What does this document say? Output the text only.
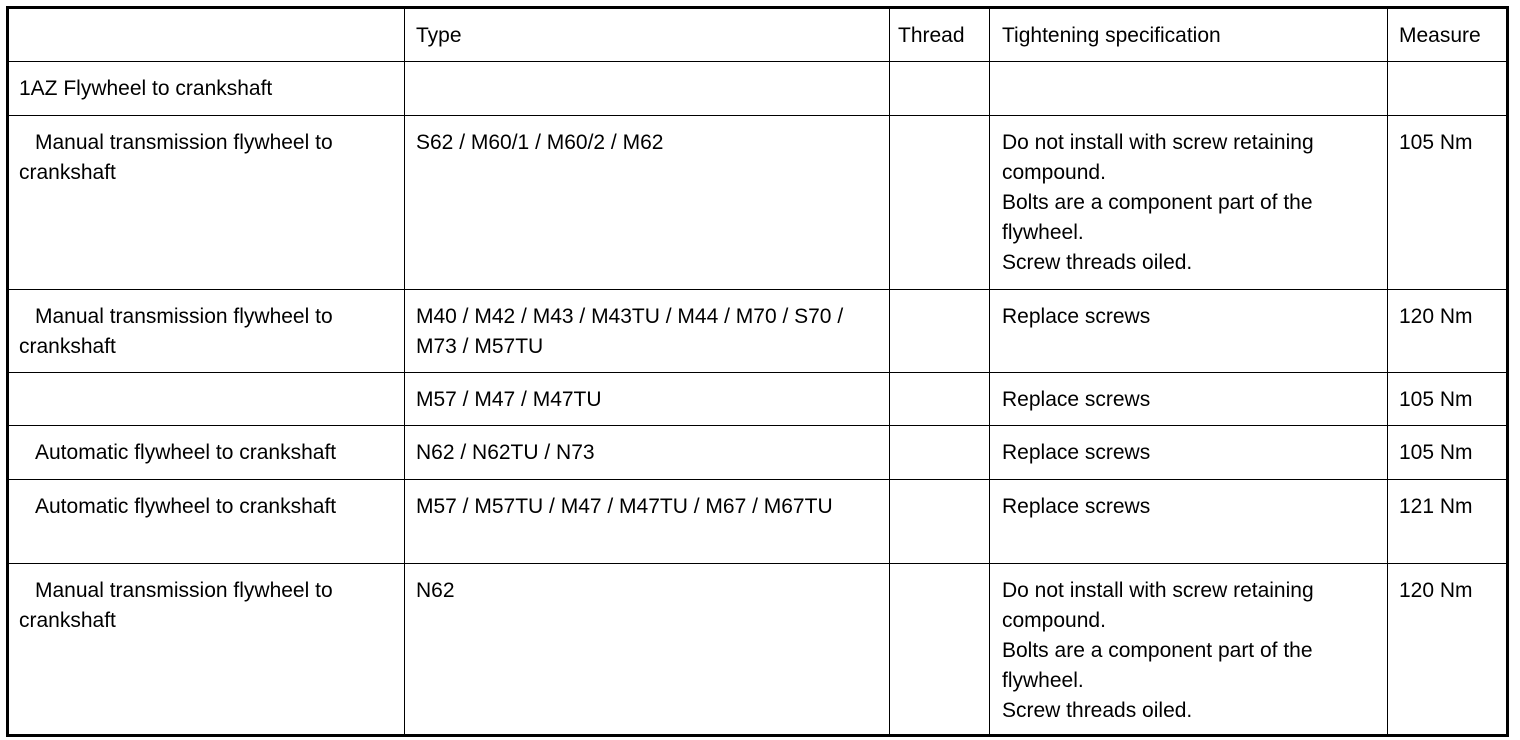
	Type	Thread	Tightening specification	Measure
1AZ Flywheel to crankshaft				
Manual transmission flywheel to crankshaft	S62 / M60/1 / M60/2 / M62		Do not install with screw retaining compound.
Bolts are a component part of the flywheel.
Screw threads oiled.	105 Nm
Manual transmission flywheel to crankshaft	M40 / M42 / M43 / M43TU / M44 / M70 / S70 / M73 / M57TU		Replace screws	120 Nm
	M57 / M47 / M47TU		Replace screws	105 Nm
Automatic flywheel to crankshaft	N62 / N62TU / N73		Replace screws	105 Nm
Automatic flywheel to crankshaft	M57 / M57TU / M47 / M47TU / M67 / M67TU		Replace screws	121 Nm
Manual transmission flywheel to crankshaft	N62		Do not install with screw retaining compound.
Bolts are a component part of the flywheel.
Screw threads oiled.	120 Nm
